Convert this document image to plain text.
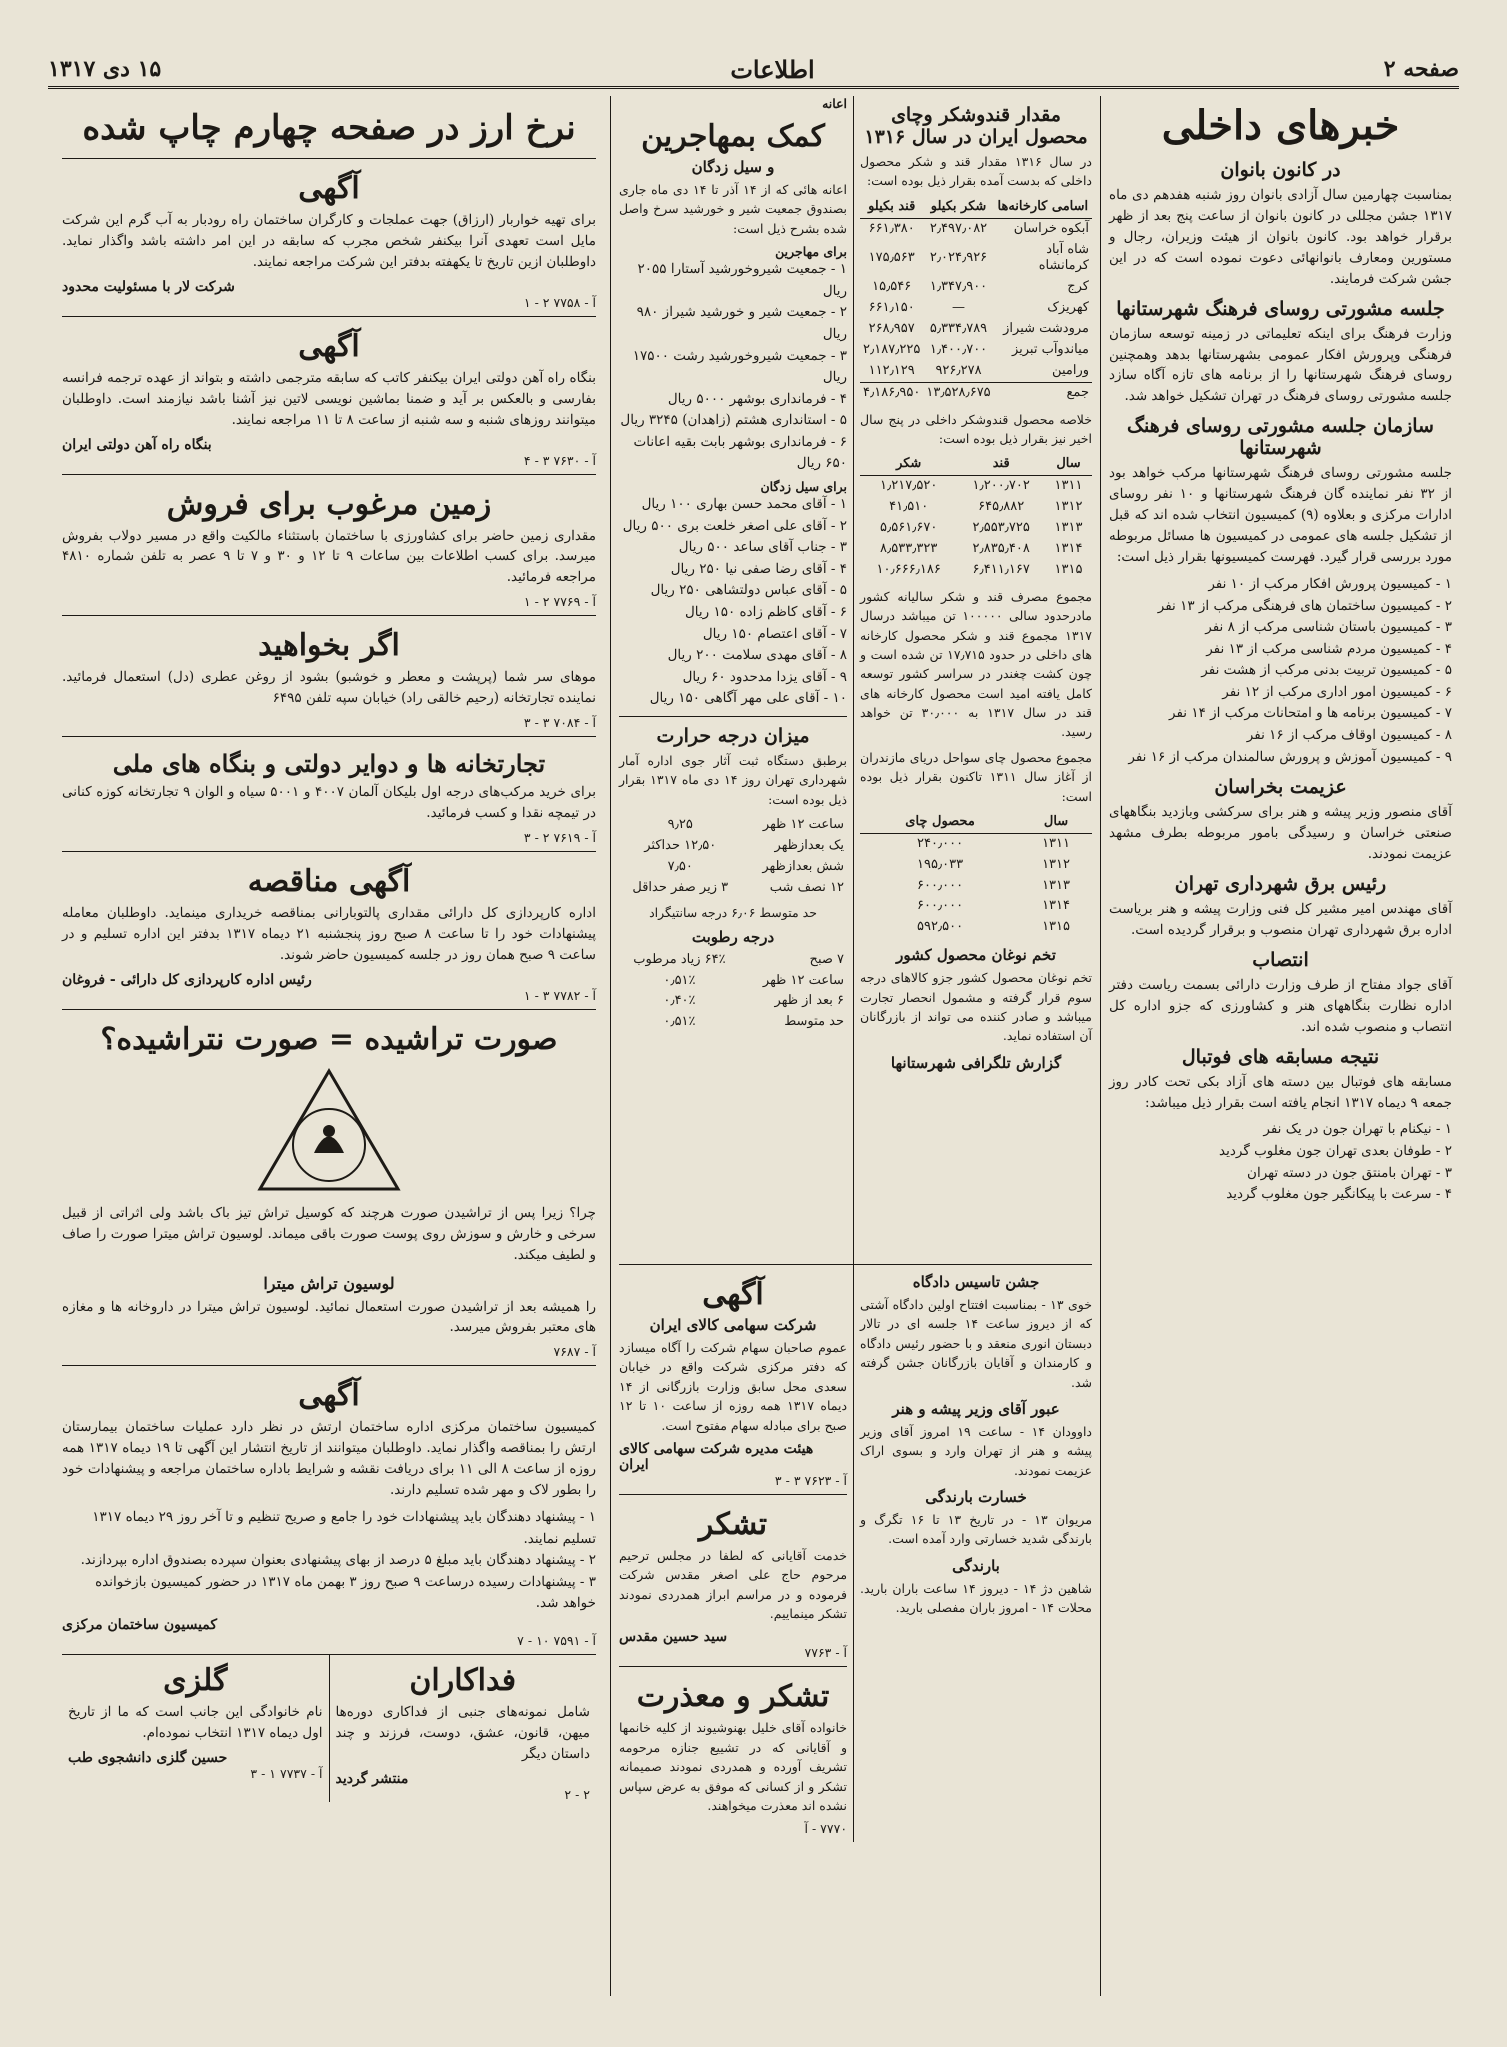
صفحه ۲
اطلاعات
۱۵ دی ۱۳۱۷
خبرهای داخلی
در کانون بانوان

بمناسبت چهارمین سال آزادی بانوان روز شنبه هفدهم دی ماه ۱۳۱۷ جشن مجللی در کانون بانوان از ساعت پنج بعد از ظهر برقرار خواهد بود. کانون بانوان از هیئت وزیران، رجال و مستورین ومعارف بانوانهائی دعوت نموده است که در این جشن شرکت فرمایند.

جلسه مشورتی روسای فرهنگ شهرستانها

وزارت فرهنگ برای اینکه تعلیماتی در زمینه توسعه سازمان فرهنگی وپرورش افکار عمومی بشهرستانها بدهد وهمچنین روسای فرهنگ شهرستانها را از برنامه های تازه آگاه سازد جلسه مشورتی روسای فرهنگ در تهران تشکیل خواهد شد.

سازمان جلسه مشورتی روسای فرهنگ شهرستانها

جلسه مشورتی روسای فرهنگ شهرستانها مرکب خواهد بود از ۳۲ نفر نماینده گان فرهنگ شهرستانها و ۱۰ نفر روسای ادارات مرکزی و بعلاوه (۹) کمیسیون انتخاب شده اند که قبل از تشکیل جلسه های عمومی در کمیسیون ها مسائل مربوطه مورد بررسی قرار گیرد. فهرست کمیسیونها بقرار ذیل است:

۱ - کمیسیون پرورش افکار مرکب از ۱۰ نفر
۲ - کمیسیون ساختمان های فرهنگی مرکب از ۱۳ نفر
۳ - کمیسیون باستان شناسی مرکب از ۸ نفر
۴ - کمیسیون مردم شناسی مرکب از ۱۳ نفر
۵ - کمیسیون تربیت بدنی مرکب از هشت نفر
۶ - کمیسیون امور اداری مرکب از ۱۲ نفر
۷ - کمیسیون برنامه ها و امتحانات مرکب از ۱۴ نفر
۸ - کمیسیون اوقاف مرکب از ۱۶ نفر
۹ - کمیسیون آموزش و پرورش سالمندان مرکب از ۱۶ نفر
عزیمت بخراسان

آقای منصور وزیر پیشه و هنر برای سرکشی وبازدید بنگاههای صنعتی خراسان و رسیدگی بامور مربوطه بطرف مشهد عزیمت نمودند.

رئیس برق شهرداری تهران

آقای مهندس امیر مشیر کل فنی وزارت پیشه و هنر بریاست اداره برق شهرداری تهران منصوب و برقرار گردیده است.

انتصاب

آقای جواد مفتاح از طرف وزارت دارائی بسمت ریاست دفتر اداره نظارت بنگاههای هنر و کشاورزی که جزو اداره کل انتصاب و منصوب شده اند.

نتیجه مسابقه های فوتبال

مسابقه های فوتبال بین دسته های آزاد بکی تحت کادر روز جمعه ۹ دیماه ۱۳۱۷ انجام یافته است بقرار ذیل میباشد:

۱ - نیکنام با تهران جون در یک نفر
۲ - طوفان بعدی تهران جون مغلوب گردید
۳ - تهران بامنتق جون در دسته تهران
۴ - سرعت با پیکانگیر جون مغلوب گردید
مقدار قندوشکر وچای محصول ایران در سال ۱۳۱۶

در سال ۱۳۱۶ مقدار قند و شکر محصول داخلی که بدست آمده بقرار ذیل بوده است:

اسامی کارخانه‌ها	شکر بکیلو	قند بکیلو
آبکوه خراسان	۲٫۴۹۷٫۰۸۲	۶۶۱٫۳۸۰
شاه آباد کرمانشاه	۲٫۰۲۴٫۹۲۶	۱۷۵٫۵۶۳
کرج	۱٫۳۴۷٫۹۰۰	۱۵٫۵۴۶
کهریزک	—	۶۶۱٫۱۵۰
مرودشت شیراز	۵٫۳۳۴٫۷۸۹	۲۶۸٫۹۵۷
میاندوآب تبریز	۱٫۴۰۰٫۷۰۰	۲٫۱۸۷٫۲۲۵
ورامین	۹۲۶٫۲۷۸	۱۱۲٫۱۲۹
جمع	۱۳٫۵۲۸٫۶۷۵	۴٫۱۸۶٫۹۵۰

خلاصه محصول قندوشکر داخلی در پنج سال اخیر نیز بقرار ذیل بوده است:

سال	قند	شکر
۱۳۱۱	۱٫۲۰۰٫۷۰۲	۱٫۲۱۷٫۵۲۰
۱۳۱۲	۶۴۵٫۸۸۲	۴۱٫۵۱۰
۱۳۱۳	۲٫۵۵۳٫۷۲۵	۵٫۵۶۱٫۶۷۰
۱۳۱۴	۲٫۸۳۵٫۴۰۸	۸٫۵۳۳٫۳۲۳
۱۳۱۵	۶٫۴۱۱٫۱۶۷	۱۰٫۶۶۶٫۱۸۶

مجموع مصرف قند و شکر سالیانه کشور مادرحدود سالی ۱۰۰۰۰۰ تن میباشد درسال ۱۳۱۷ مجموع قند و شکر محصول کارخانه های داخلی در حدود ۱۷٫۷۱۵ تن شده است و چون کشت چغندر در سراسر کشور توسعه کامل یافته امید است محصول کارخانه های قند در سال ۱۳۱۷ به ۳۰٫۰۰۰ تن خواهد رسید.

مجموع محصول چای سواحل دریای مازندران از آغاز سال ۱۳۱۱ تاکنون بقرار ذیل بوده است:

سال	محصول چای
۱۳۱۱	۲۴۰٫۰۰۰
۱۳۱۲	۱۹۵٫۰۳۳
۱۳۱۳	۶۰۰٫۰۰۰
۱۳۱۴	۶۰۰٫۰۰۰
۱۳۱۵	۵۹۲٫۵۰۰
تخم نوغان محصول کشور

تخم نوغان محصول کشور جزو کالاهای درجه سوم قرار گرفته و مشمول انحصار تجارت میباشد و صادر کننده می تواند از بازرگانان آن استفاده نماید.

گزارش تلگرافی شهرستانها
اعانه
کمک بمهاجرین
و سیل زدگان

اعانه هائی که از ۱۴ آذر تا ۱۴ دی ماه جاری بصندوق جمعیت شیر و خورشید سرخ واصل شده بشرح ذیل است:

برای مهاجرین
۱ - جمعیت شیروخورشید آستارا ۲۰۵۵ ریال
۲ - جمعیت شیر و خورشید شیراز ۹۸۰ ریال
۳ - جمعیت شیروخورشید رشت ۱۷۵۰۰ ریال
۴ - فرمانداری بوشهر ۵۰۰۰ ریال
۵ - استانداری هشتم (زاهدان) ۳۲۴۵ ریال
۶ - فرمانداری بوشهر بابت بقیه اعانات ۶۵۰ ریال
برای سیل زدگان
۱ - آقای محمد حسن بهاری ۱۰۰ ریال
۲ - آقای علی اصغر خلعت بری ۵۰۰ ریال
۳ - جناب آقای ساعد ۵۰۰ ریال
۴ - آقای رضا صفی نیا ۲۵۰ ریال
۵ - آقای عباس دولتشاهی ۲۵۰ ریال
۶ - آقای کاظم زاده ۱۵۰ ریال
۷ - آقای اعتصام ۱۵۰ ریال
۸ - آقای مهدی سلامت ۲۰۰ ریال
۹ - آقای یزدا مدحدود ۶۰ ریال
۱۰ - آقای علی مهر آگاهی ۱۵۰ ریال
میزان درجه حرارت

برطبق دستگاه ثبت آثار جوی اداره آمار شهرداری تهران روز ۱۴ دی ماه ۱۳۱۷ بقرار ذیل بوده است:

ساعت ۱۲ ظهر	۹٫۲۵
یک بعدازظهر	۱۲٫۵۰ حداکثر
شش بعدازظهر	۷٫۵۰
۱۲ نصف شب	۳ زیر صفر حداقل
حد متوسط ۶٫۰۶ درجه سانتیگراد
درجه رطوبت
۷ صبح	۶۴٪ زیاد مرطوب
ساعت ۱۲ ظهر	۰٫۵۱٪
۶ بعد از ظهر	۰٫۴۰٪
حد متوسط	۰٫۵۱٪
جشن تاسیس دادگاه

خوی ۱۳ - بمناسبت افتتاح اولین دادگاه آشتی که از دیروز ساعت ۱۴ جلسه ای در تالار دبستان انوری منعقد و با حضور رئیس دادگاه و کارمندان و آقایان بازرگانان جشن گرفته شد.

عبور آقای وزیر پیشه و هنر

داوودان ۱۴ - ساعت ۱۹ امروز آقای وزیر پیشه و هنر از تهران وارد و بسوی اراک عزیمت نمودند.

خسارت بارندگی

مریوان ۱۳ - در تاریخ ۱۳ تا ۱۶ تگرگ و بارندگی شدید خسارتی وارد آمده است.

بارندگی

شاهین دژ ۱۴ - دیروز ۱۴ ساعت باران بارید. محلات ۱۴ - امروز باران مفصلی بارید.

آگهی
شرکت سهامی کالای ایران

عموم صاحبان سهام شرکت را آگاه میسازد که دفتر مرکزی شرکت واقع در خیابان سعدی محل سابق وزارت بازرگانی از ۱۴ دیماه ۱۳۱۷ همه روزه از ساعت ۱۰ تا ۱۲ صبح برای مبادله سهام مفتوح است.

هیئت مدیره شرکت سهامی کالای ایران
آ - ۷۶۲۳ ۳ - ۳
تشکر

خدمت آقایانی که لطفا در مجلس ترحیم مرحوم حاج علی اصغر مقدس شرکت فرموده و در مراسم ابراز همدردی نمودند تشکر مینماییم.

سید حسین مقدس
آ - ۷۷۶۳
تشکر و معذرت

خانواده آقای خلیل بهنوشیوند از کلیه خانمها و آقایانی که در تشییع جنازه مرحومه تشریف آورده و همدردی نمودند صمیمانه تشکر و از کسانی که موفق به عرض سپاس نشده اند معذرت میخواهند.

۷۷۷۰ - آ
نرخ ارز در صفحه چهارم چاپ شده
آگهی

برای تهیه خواربار (ارزاق) جهت عملجات و کارگران ساختمان راه رودبار به آب گرم این شرکت مایل است تعهدی آنرا بیکنفر شخص مجرب که سابقه در این امر داشته باشد واگذار نماید. داوطلبان ازین تاریخ تا یکهفته بدفتر این شرکت مراجعه نمایند.

شرکت لار با مسئولیت محدود
آ - ۷۷۵۸ ۲ - ۱
آگهی

بنگاه راه آهن دولتی ایران بیکنفر کاتب که سابقه مترجمی داشته و بتواند از عهده ترجمه فرانسه بفارسی و بالعکس بر آید و ضمنا بماشین نویسی لاتین نیز آشنا باشد نیازمند است. داوطلبان میتوانند روزهای شنبه و سه شنبه از ساعت ۸ تا ۱۱ مراجعه نمایند.

بنگاه راه آهن دولتی ایران
آ - ۷۶۳۰ ۳ - ۴
زمین مرغوب برای فروش

مقداری زمین حاضر برای کشاورزی با ساختمان باستثناء مالکیت واقع در مسیر دولاب بفروش میرسد. برای کسب اطلاعات بین ساعات ۹ تا ۱۲ و ۳۰ و ۷ تا ۹ عصر به تلفن شماره ۴۸۱۰ مراجعه فرمائید.

آ - ۷۷۶۹ ۲ - ۱
اگر بخواهید

موهای سر شما (پرپشت و معطر و خوشبو) بشود از روغن عطری (دل) استعمال فرمائید. نماینده تجارتخانه (رحیم خالقی راد) خیابان سپه تلفن ۶۴۹۵

آ - ۷۰۸۴ ۳ - ۳
تجارتخانه ها و دوایر دولتی و بنگاه های ملی

برای خرید مرکب‌های درجه اول بلیکان آلمان ۴۰۰۷ و ۵۰۰۱ سیاه و الوان ۹ تجارتخانه کوزه کنانی در تیمچه نقدا و کسب فرمائید.

آ - ۷۶۱۹ ۲ - ۳
آگهی مناقصه

اداره کارپردازی کل دارائی مقداری پالتوبارانی بمناقصه خریداری مینماید. داوطلبان معامله پیشنهادات خود را تا ساعت ۸ صبح روز پنجشنبه ۲۱ دیماه ۱۳۱۷ بدفتر این اداره تسلیم و در ساعت ۹ صبح همان روز در جلسه کمیسیون حاضر شوند.

رئیس اداره کارپردازی کل دارائی - فروغان
آ - ۷۷۸۲ ۳ - ۱
صورت تراشیده = صورت نتراشیده؟

چرا؟ زیرا پس از تراشیدن صورت هرچند که کوسیل تراش تیز باک باشد ولی اثراتی از قبیل سرخی و خارش و سوزش روی پوست صورت باقی میماند. لوسیون تراش میترا صورت را صاف و لطیف میکند.

لوسیون تراش میترا

را همیشه بعد از تراشیدن صورت استعمال نمائید. لوسیون تراش میترا در داروخانه ها و مغازه های معتبر بفروش میرسد.

آ - ۷۶۸۷
آگهی

کمیسیون ساختمان مرکزی اداره ساختمان ارتش در نظر دارد عملیات ساختمان بیمارستان ارتش را بمناقصه واگذار نماید. داوطلبان میتوانند از تاریخ انتشار این آگهی تا ۱۹ دیماه ۱۳۱۷ همه روزه از ساعت ۸ الی ۱۱ برای دریافت نقشه و شرایط باداره ساختمان مراجعه و پیشنهادات خود را بطور لاک و مهر شده تسلیم دارند.

۱ - پیشنهاد دهندگان باید پیشنهادات خود را جامع و صریح تنظیم و تا آخر روز ۲۹ دیماه ۱۳۱۷ تسلیم نمایند.
۲ - پیشنهاد دهندگان باید مبلغ ۵ درصد از بهای پیشنهادی بعنوان سپرده بصندوق اداره بپردازند.
۳ - پیشنهادات رسیده درساعت ۹ صبح روز ۳ بهمن ماه ۱۳۱۷ در حضور کمیسیون بازخوانده خواهد شد.
کمیسیون ساختمان مرکزی
آ - ۷۵۹۱ ۱۰ - ۷
فداکاران

شامل نمونه‌های جنبی از فداکاری دوره‌ها میهن، قانون، عشق، دوست، فرزند و چند داستان دیگر

منتشر گردید
۲ - ۲
گلزی

نام خانوادگی این جانب است که ما از تاریخ اول دیماه ۱۳۱۷ انتخاب نموده‌ام.

حسین گلزی دانشجوی طب
آ - ۷۷۳۷ ۱ - ۳
